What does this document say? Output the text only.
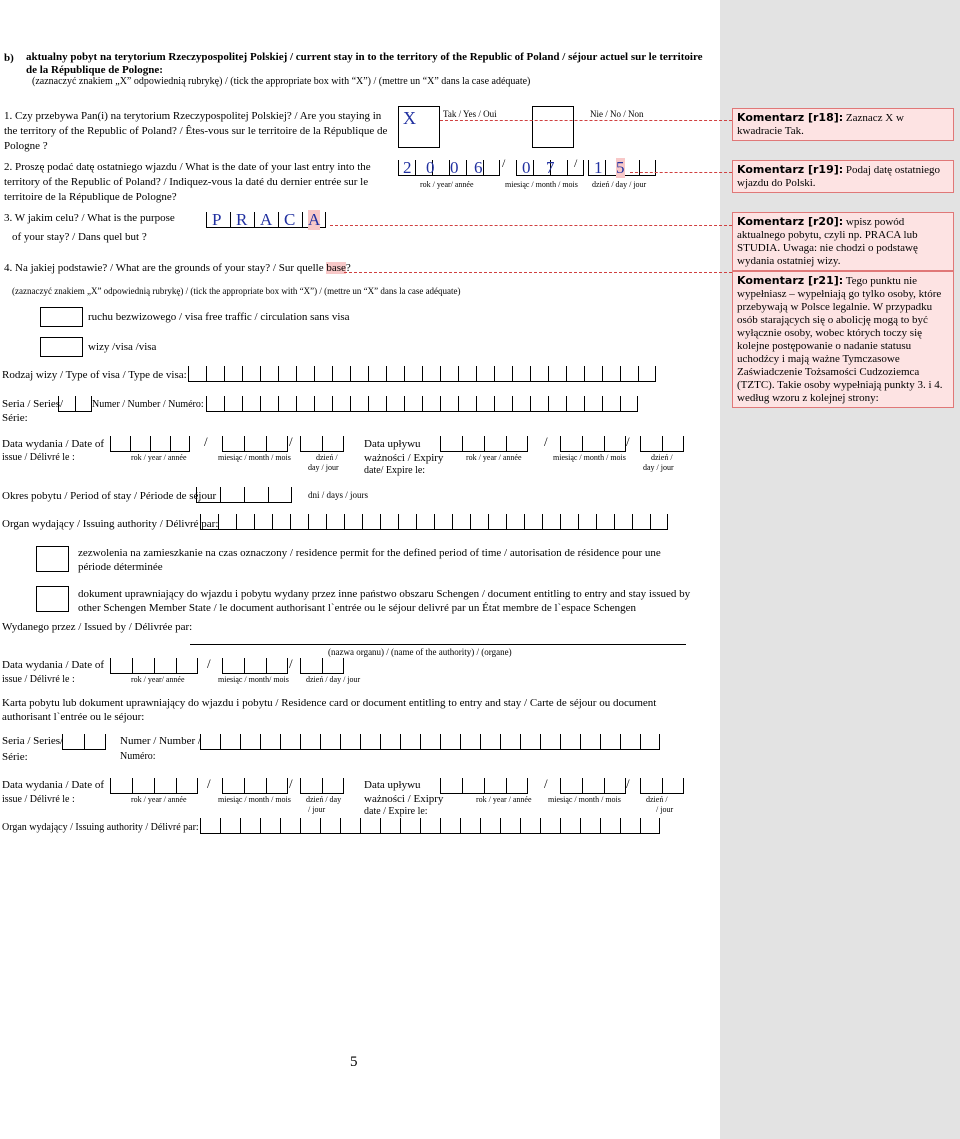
b) aktualny pobyt na terytorium Rzeczypospolitej Polskiej / current stay in to the territory of the Republic of Poland / séjour actuel sur le territoire de la République de Pologne:
(zaznaczyć znakiem „X” odpowiednią rubrykę) / (tick the appropriate box with “X”) / (mettre un “X” dans la case adéquate)
1. Czy przebywa Pan(i) na terytorium Rzeczypospolitej Polskiej? / Are you staying in the territory of the Republic of Poland? / Êtes-vous sur le territoire de la République de Pologne ?
X	Tak / Yes / Oui	Nie / No / Non
2. Proszę podać datę ostatniego wjazdu / What is the date of your last entry into the territory of the Republic of Poland? / Indiquez-vous la daté du dernier entrée sur le territoire de la République de Pologne?
2 0 0 6 / 0 7 / 1 5
rok / year/ année	miesiąc / month / mois dzień / day / jour
3. W jakim celu? / What is the purpose
of your stay? / Dans quel but ?
P R A C A
4. Na jakiej podstawie? / What are the grounds of your stay? / Sur quelle base?
(zaznaczyć znakiem „X” odpowiednią rubrykę) / (tick the appropriate box with “X”) / (mettre un “X” dans la case adéquate)
ruchu bezwizowego / visa free traffic / circulation sans visa
wizy /visa /visa
Rodzaj wizy / Type of visa / Type de visa:
Seria / Series/
Série:
Numer / Number / Numéro:
Data wydania / Date of
issue / Délivré le :
/	/
rok / year / année	miesiąc / month / mois	dzień /
day / jour
Data upływu
ważności / Expiry
date/ Expire le:
/	/
rok / year / année	miesiąc / month / mois	dzień /
day / jour
Okres pobytu / Period of stay / Période de séjour	dni / days / jours
Organ wydający / Issuing authority / Délivré par:
zezwolenia na zamieszkanie na czas oznaczony / residence permit for the defined period of time / autorisation de résidence pour une période déterminée
dokument uprawniający do wjazdu i pobytu wydany przez inne państwo obszaru Schengen / document entitling to entry and stay issued by other Schengen Member State / le document authorisant l`entrée ou le séjour delivré par un État membre de l`espace Schengen
Wydanego przez / Issued by / Délivrée par:
(nazwa organu) / (name of the authority) / (organe)
Data wydania / Date of
issue / Délivré le :
/	/
rok / year/ année	miesiąc / month/ mois dzień / day / jour
Karta pobytu lub dokument uprawniający do wjazdu i pobytu / Residence card or document entitling to entry and stay / Carte de séjour ou document authorisant l`entrée ou le séjour:
Seria / Series/
Série:
Numer / Number /
Numéro:
Data wydania / Date of
issue / Délivré le :
/	/
rok / year / année	miesiąc / month / mois dzień / day
/ jour
Data upływu
ważności / Exipry
date / Expire le:
/	/
rok / year / année miesiąc / month / mois	dzień /
/ jour
Organ wydający / Issuing authority / Délivré par:
5
Komentarz [r18]: Zaznacz X w kwadracie Tak.
Komentarz [r19]: Podaj datę ostatniego wjazdu do Polski.
Komentarz [r20]: wpisz powód aktualnego pobytu, czyli np. PRACA lub STUDIA. Uwaga: nie chodzi o podstawę wydania ostatniej wizy.
Komentarz [r21]: Tego punktu nie wypełniasz – wypełniają go tylko osoby, które przebywają w Polsce legalnie. W przypadku osób starających się o abolicję mogą to być wyłącznie osoby, wobec których toczy się kolejne postępowanie o nadanie statusu uchodźcy i mają ważne Tymczasowe Zaświadczenie Tożsamości Cudzoziemca (TZTC). Takie osoby wypełniają punkty 3. i 4. według wzoru z kolejnej strony:
